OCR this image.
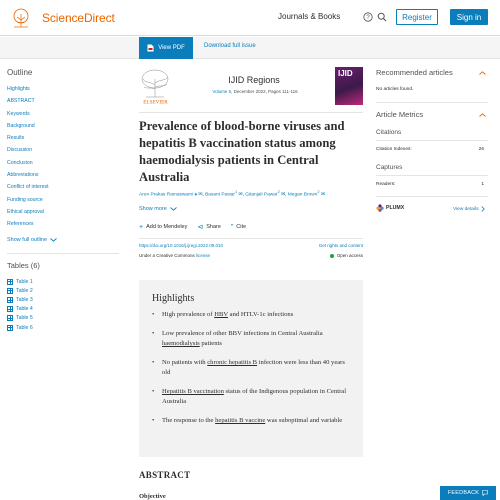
ScienceDirect	Journals & Books	?	Register	Sign in
View PDF	Download full issue
Outline
Highlights
ABSTRACT
Keywords
Background
Results
Discussion
Conclusion
Abbreviations
Conflict of interest
Funding source
Ethical approval
References
Show full outline
Tables (6)
Table 1
Table 2
Table 3
Table 4
Table 5
Table 6
ELSEVIER
IJID Regions
Volume 5, December 2022, Pages 111-116
IJID
Prevalence of blood-borne viruses and hepatitis B vaccination status among haemodialysis patients in Central Australia
Arun Prakas Ramaswami ♠ ✉, Basant Pawar$^1$ ✉, Gitanjali Pawar$^2$ ✉, Megan Brown$^2$ ✉
Show more
+ Add to Mendeley ⊲ Share ” Cite
https://doi.org/10.1016/j.ijregi.2022.09.010	Get rights and content
Under a Creative Commons license	Open access
Highlights
• High prevalence of HBV and HTLV-1c infections
• Low prevalence of other BBV infections in Central Australia haemodialysis patients
• No patients with chronic hepatitis B infection were less than 40 years old
• Hepatitis B vaccination status of the Indigenous population in Central Australia
• The response to the hepatitis B vaccine was suboptimal and variable
ABSTRACT
Objective
Recommended articles
No articles found.
Article Metrics
Citations
Citation Indexes:	26
Captures
Readers:	1
PLUMX	View details
FEEDBACK
